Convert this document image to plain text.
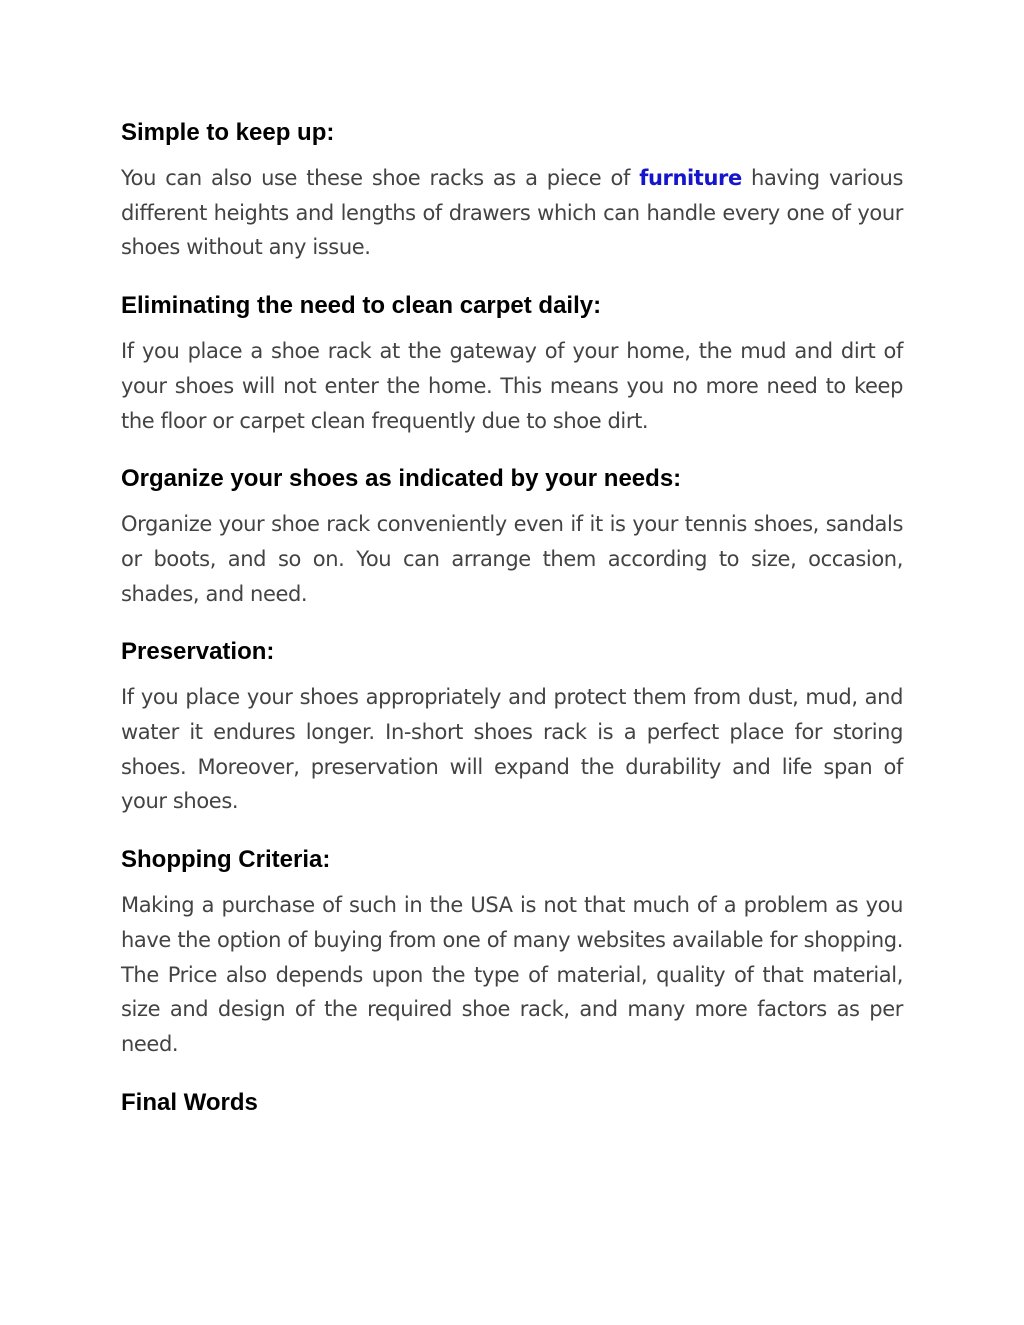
Simple to keep up:

You can also use these shoe racks as a piece of furniture having various different heights and lengths of drawers which can handle every one of your shoes without any issue.

Eliminating the need to clean carpet daily:

If you place a shoe rack at the gateway of your home, the mud and dirt of your shoes will not enter the home. This means you no more need to keep the floor or carpet clean frequently due to shoe dirt.

Organize your shoes as indicated by your needs:

Organize your shoe rack conveniently even if it is your tennis shoes, sandals or boots, and so on. You can arrange them according to size, occasion, shades, and need.

Preservation:

If you place your shoes appropriately and protect them from dust, mud, and water it endures longer. In-short shoes rack is a perfect place for storing shoes. Moreover, preservation will expand the durability and life span of your shoes.

Shopping Criteria:

Making a purchase of such in the USA is not that much of a problem as you have the option of buying from one of many websites available for shopping. The Price also depends upon the type of material, quality of that material, size and design of the required shoe rack, and many more factors as per need.

Final Words
